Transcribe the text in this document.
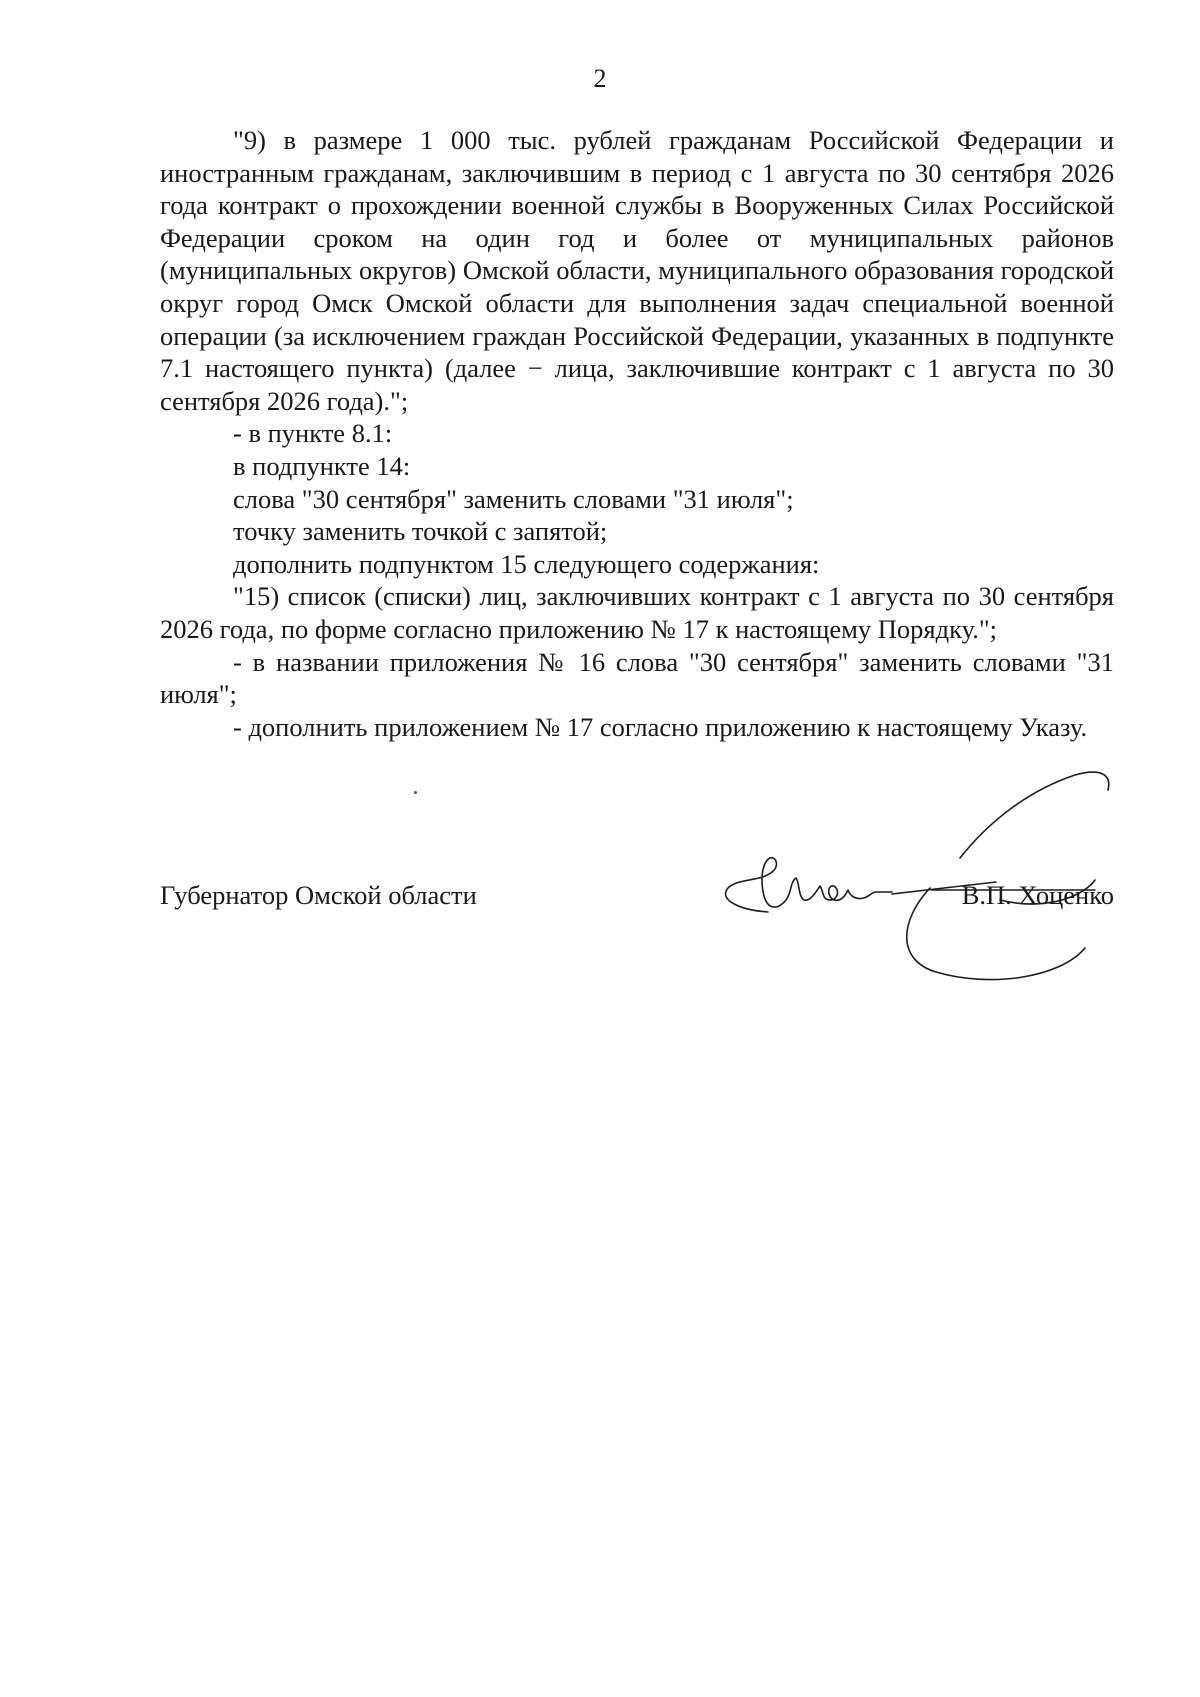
2

"9) в размере 1 000 тыс. рублей гражданам Российской Федерации и иностранным гражданам, заключившим в период с 1 августа по 30 сентября 2026 года контракт о прохождении военной службы в Вооруженных Силах Российской Федерации сроком на один год и более от муниципальных районов (муниципальных округов) Омской области, муниципального образования городской округ город Омск Омской области для выполнения задач специальной военной операции (за исключением граждан Российской Федерации, указанных в подпункте 7.1 настоящего пункта) (далее − лица, заключившие контракт с 1 августа по 30 сентября 2026 года).";

- в пункте 8.1:

в подпункте 14:

слова "30 сентября" заменить словами "31 июля";

точку заменить точкой с запятой;

дополнить подпунктом 15 следующего содержания:

"15) список (списки) лиц, заключивших контракт с 1 августа по 30 сентября 2026 года, по форме согласно приложению № 17 к настоящему Порядку.";

- в названии приложения № 16 слова "30 сентября" заменить словами "31 июля";

- дополнить приложением № 17 согласно приложению к настоящему Указу.

Губернатор Омской области	В.П. Хоценко
